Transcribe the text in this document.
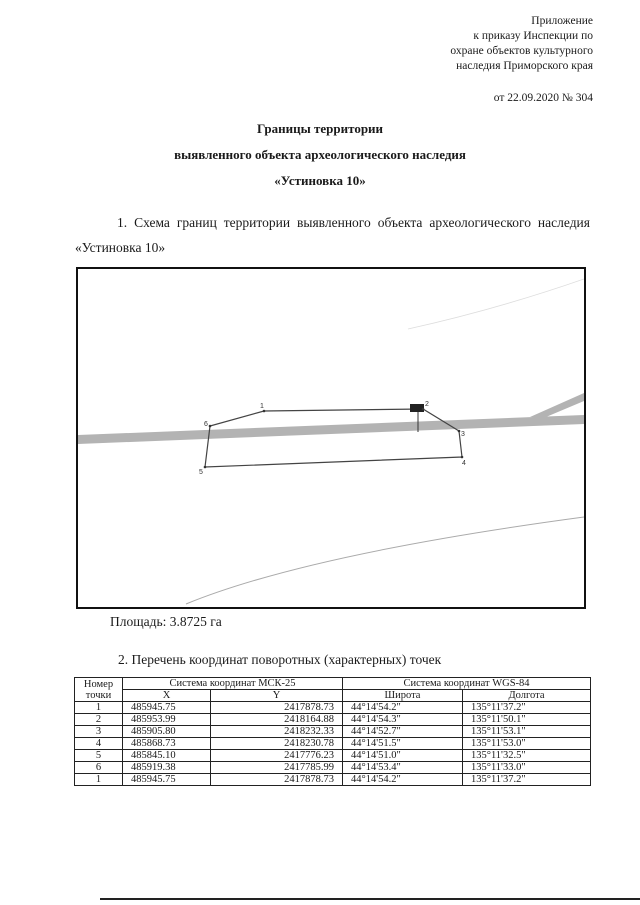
Приложение
к приказу Инспекции по
охране объектов культурного
наследия Приморского края
от 22.09.2020 № 304
Границы территории
выявленного объекта археологического наследия
«Устиновка 10»
1. Схема границ территории выявленного объекта археологического наследия «Устиновка 10»
1	2
3
4
5
6
Площадь: 3.8725 га
2. Перечень координат поворотных (характерных) точек
Номер
точки	Система координат МСК-25		Система координат WGS-84	
	X	Y	Широта	Долгота
1	485945.75	2417878.73	44°14'54.2"	135°11'37.2"
2	485953.99	2418164.88	44°14'54.3"	135°11'50.1"
3	485905.80	2418232.33	44°14'52.7"	135°11'53.1"
4	485868.73	2418230.78	44°14'51.5"	135°11'53.0"
5	485845.10	2417776.23	44°14'51.0"	135°11'32.5"
6	485919.38	2417785.99	44°14'53.4"	135°11'33.0"
1	485945.75	2417878.73	44°14'54.2"	135°11'37.2"
